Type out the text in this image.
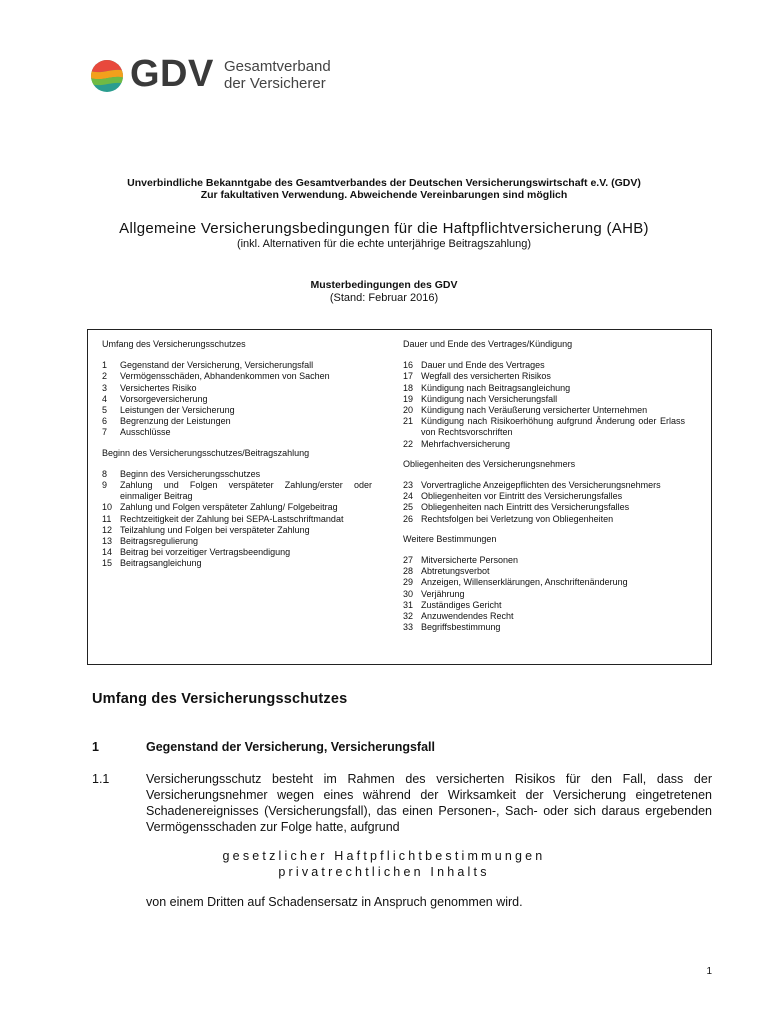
GDV Gesamtverband
der Versicherer
Unverbindliche Bekanntgabe des Gesamtverbandes der Deutschen Versicherungswirtschaft e.V. (GDV)
Zur fakultativen Verwendung. Abweichende Vereinbarungen sind möglich
Allgemeine Versicherungsbedingungen für die Haftpflichtversicherung (AHB)
(inkl. Alternativen für die echte unterjährige Beitragszahlung)
Musterbedingungen des GDV
(Stand: Februar 2016)
Umfang des Versicherungsschutzes
1	Gegenstand der Versicherung, Versicherungsfall
2	Vermögensschäden, Abhandenkommen von Sachen
3	Versichertes Risiko
4	Vorsorgeversicherung
5	Leistungen der Versicherung
6	Begrenzung der Leistungen
7	Ausschlüsse
Beginn des Versicherungsschutzes/Beitragszahlung
8	Beginn des Versicherungsschutzes
9	Zahlung und Folgen verspäteter Zahlung/erster oder einmaliger Beitrag
10 Zahlung und Folgen verspäteter Zahlung/ Folgebeitrag
11 Rechtzeitigkeit der Zahlung bei SEPA-Lastschriftmandat
12 Teilzahlung und Folgen bei verspäteter Zahlung
13 Beitragsregulierung
14 Beitrag bei vorzeitiger Vertragsbeendigung
15 Beitragsangleichung
Dauer und Ende des Vertrages/Kündigung
16 Dauer und Ende des Vertrages
17 Wegfall des versicherten Risikos
18 Kündigung nach Beitragsangleichung
19 Kündigung nach Versicherungsfall
20 Kündigung nach Veräußerung versicherter Unternehmen
21 Kündigung nach Risikoerhöhung aufgrund Änderung oder Erlass von Rechtsvorschriften
22 Mehrfachversicherung
Obliegenheiten des Versicherungsnehmers
23 Vorvertragliche Anzeigepflichten des Versicherungsnehmers
24 Obliegenheiten vor Eintritt des Versicherungsfalles
25 Obliegenheiten nach Eintritt des Versicherungsfalles
26 Rechtsfolgen bei Verletzung von Obliegenheiten
Weitere Bestimmungen
27 Mitversicherte Personen
28 Abtretungsverbot
29 Anzeigen, Willenserklärungen, Anschriftenänderung
30 Verjährung
31 Zuständiges Gericht
32 Anzuwendendes Recht
33 Begriffsbestimmung
Umfang des Versicherungsschutzes
1	Gegenstand der Versicherung, Versicherungsfall
1.1	Versicherungsschutz besteht im Rahmen des versicherten Risikos für den Fall, dass der Versicherungsnehmer wegen eines während der Wirksamkeit der Versicherung eingetretenen Schadenereignisses (Versicherungsfall), das einen Personen-, Sach- oder sich daraus ergebenden Vermögensschaden zur Folge hatte, aufgrund
gesetzlicher Haftpflichtbestimmungen
privatrechtlichen Inhalts
von einem Dritten auf Schadensersatz in Anspruch genommen wird.
1
